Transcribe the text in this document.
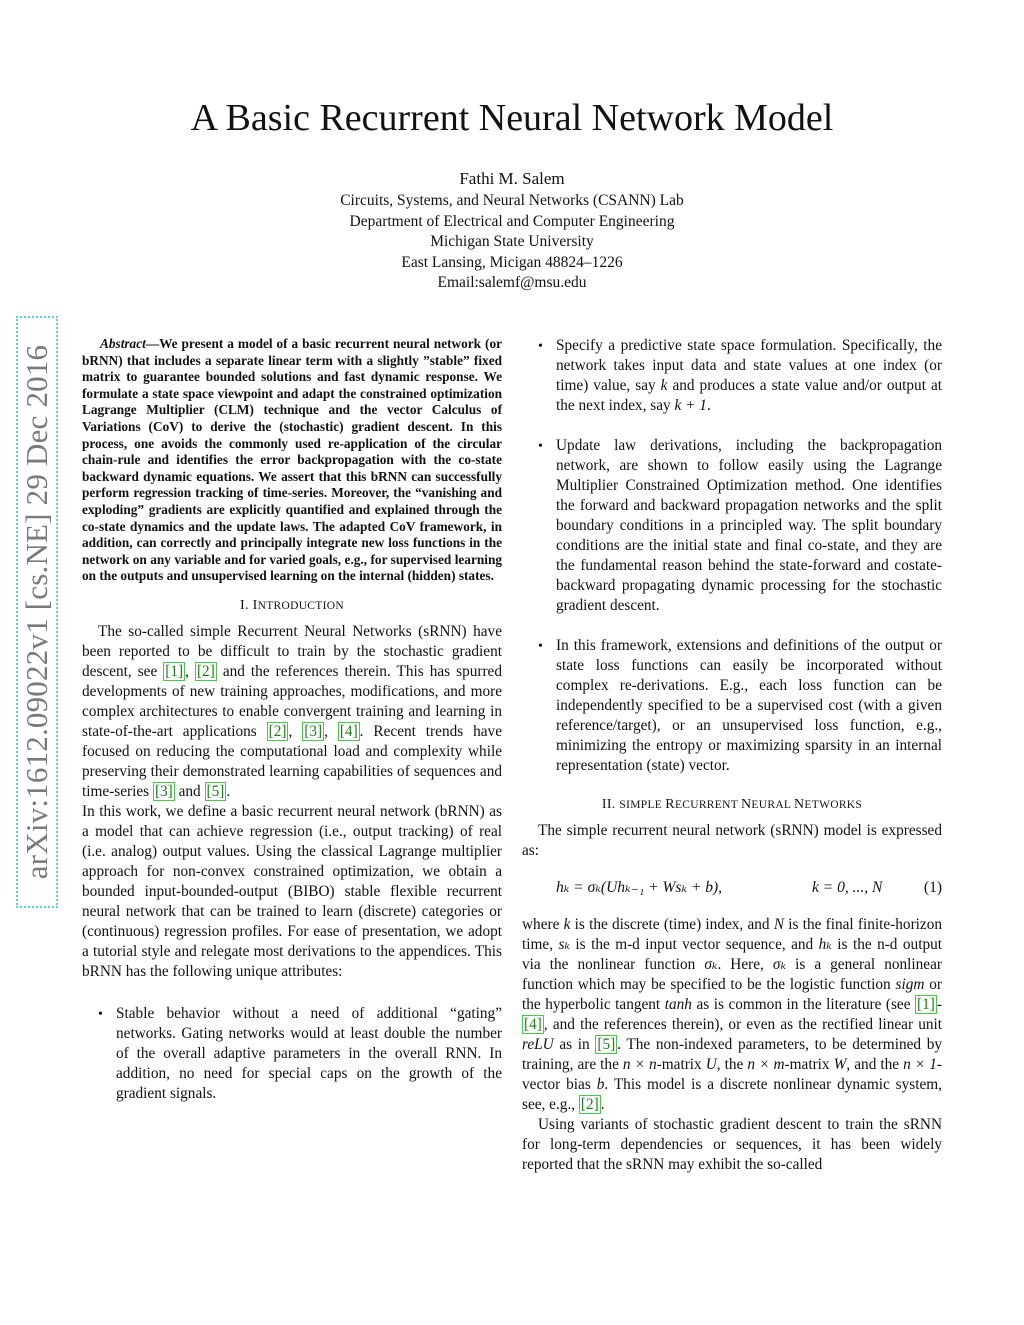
A Basic Recurrent Neural Network Model
Fathi M. Salem
Circuits, Systems, and Neural Networks (CSANN) Lab
Department of Electrical and Computer Engineering
Michigan State University
East Lansing, Micigan 48824–1226
Email:salemf@msu.edu
arXiv:1612.09022v1 [cs.NE] 29 Dec 2016

Abstract—We present a model of a basic recurrent neural network (or bRNN) that includes a separate linear term with a slightly ”stable” fixed matrix to guarantee bounded solutions and fast dynamic response. We formulate a state space viewpoint and adapt the constrained optimization Lagrange Multiplier (CLM) technique and the vector Calculus of Variations (CoV) to derive the (stochastic) gradient descent. In this process, one avoids the commonly used re-application of the circular chain-rule and identifies the error backpropagation with the co-state backward dynamic equations. We assert that this bRNN can successfully perform regression tracking of time-series. Moreover, the “vanishing and exploding” gradients are explicitly quantified and explained through the co-state dynamics and the update laws. The adapted CoV framework, in addition, can correctly and principally integrate new loss functions in the network on any variable and for varied goals, e.g., for supervised learning on the outputs and unsupervised learning on the internal (hidden) states.

I. INTRODUCTION

The so-called simple Recurrent Neural Networks (sRNN) have been reported to be difficult to train by the stochastic gradient descent, see [1] , [2] and the references therein. This has spurred developments of new training approaches, modifications, and more complex architectures to enable convergent training and learning in state-of-the-art applications [2] , [3] , [4] . Recent trends have focused on reducing the computational load and complexity while preserving their demonstrated learning capabilities of sequences and time-series [3] and [5] .

In this work, we define a basic recurrent neural network (bRNN) as a model that can achieve regression (i.e., output tracking) of real (i.e. analog) output values. Using the classical Lagrange multiplier approach for non-convex constrained optimization, we obtain a bounded input-bounded-output (BIBO) stable flexible recurrent neural network that can be trained to learn (discrete) categories or (continuous) regression profiles. For ease of presentation, we adopt a tutorial style and relegate most derivations to the appendices. This bRNN has the following unique attributes:

• Stable behavior without a need of additional “gating” networks. Gating networks would at least double the number of the overall adaptive parameters in the overall RNN. In addition, no need for special caps on the growth of the gradient signals.
• Specify a predictive state space formulation. Specifically, the network takes input data and state values at one index (or time) value, say k and produces a state value and/or output at the next index, say k + 1.
• Update law derivations, including the backpropagation network, are shown to follow easily using the Lagrange Multiplier Constrained Optimization method. One identifies the forward and backward propagation networks and the split boundary conditions in a principled way. The split boundary conditions are the initial state and final co-state, and they are the fundamental reason behind the state-forward and costate-backward propagating dynamic processing for the stochastic gradient descent.
• In this framework, extensions and definitions of the output or state loss functions can easily be incorporated without complex re-derivations. E.g., each loss function can be independently specified to be a supervised cost (with a given reference/target), or an unsupervised loss function, e.g., minimizing the entropy or maximizing sparsity in an internal representation (state) vector.
II. SIMPLE RECURRENT NEURAL NETWORKS

The simple recurrent neural network (sRNN) model is expressed as:

hₖ = σₖ(Uhₖ₋₁ + Wsₖ + b),	k = 0, ..., N	(1)

where k is the discrete (time) index, and N is the final finite-horizon time, sₖ is the m-d input vector sequence, and hₖ is the n-d output via the nonlinear function σₖ. Here, σₖ is a general nonlinear function which may be specified to be the logistic function sigm or the hyperbolic tangent tanh as is common in the literature (see [1] - [4] , and the references therein), or even as the rectified linear unit reLU as in [5] . The non-indexed parameters, to be determined by training, are the n × n-matrix U, the n × m-matrix W, and the n × 1-vector bias b. This model is a discrete nonlinear dynamic system, see, e.g., [2] .

Using variants of stochastic gradient descent to train the sRNN for long-term dependencies or sequences, it has been widely reported that the sRNN may exhibit the so-called
